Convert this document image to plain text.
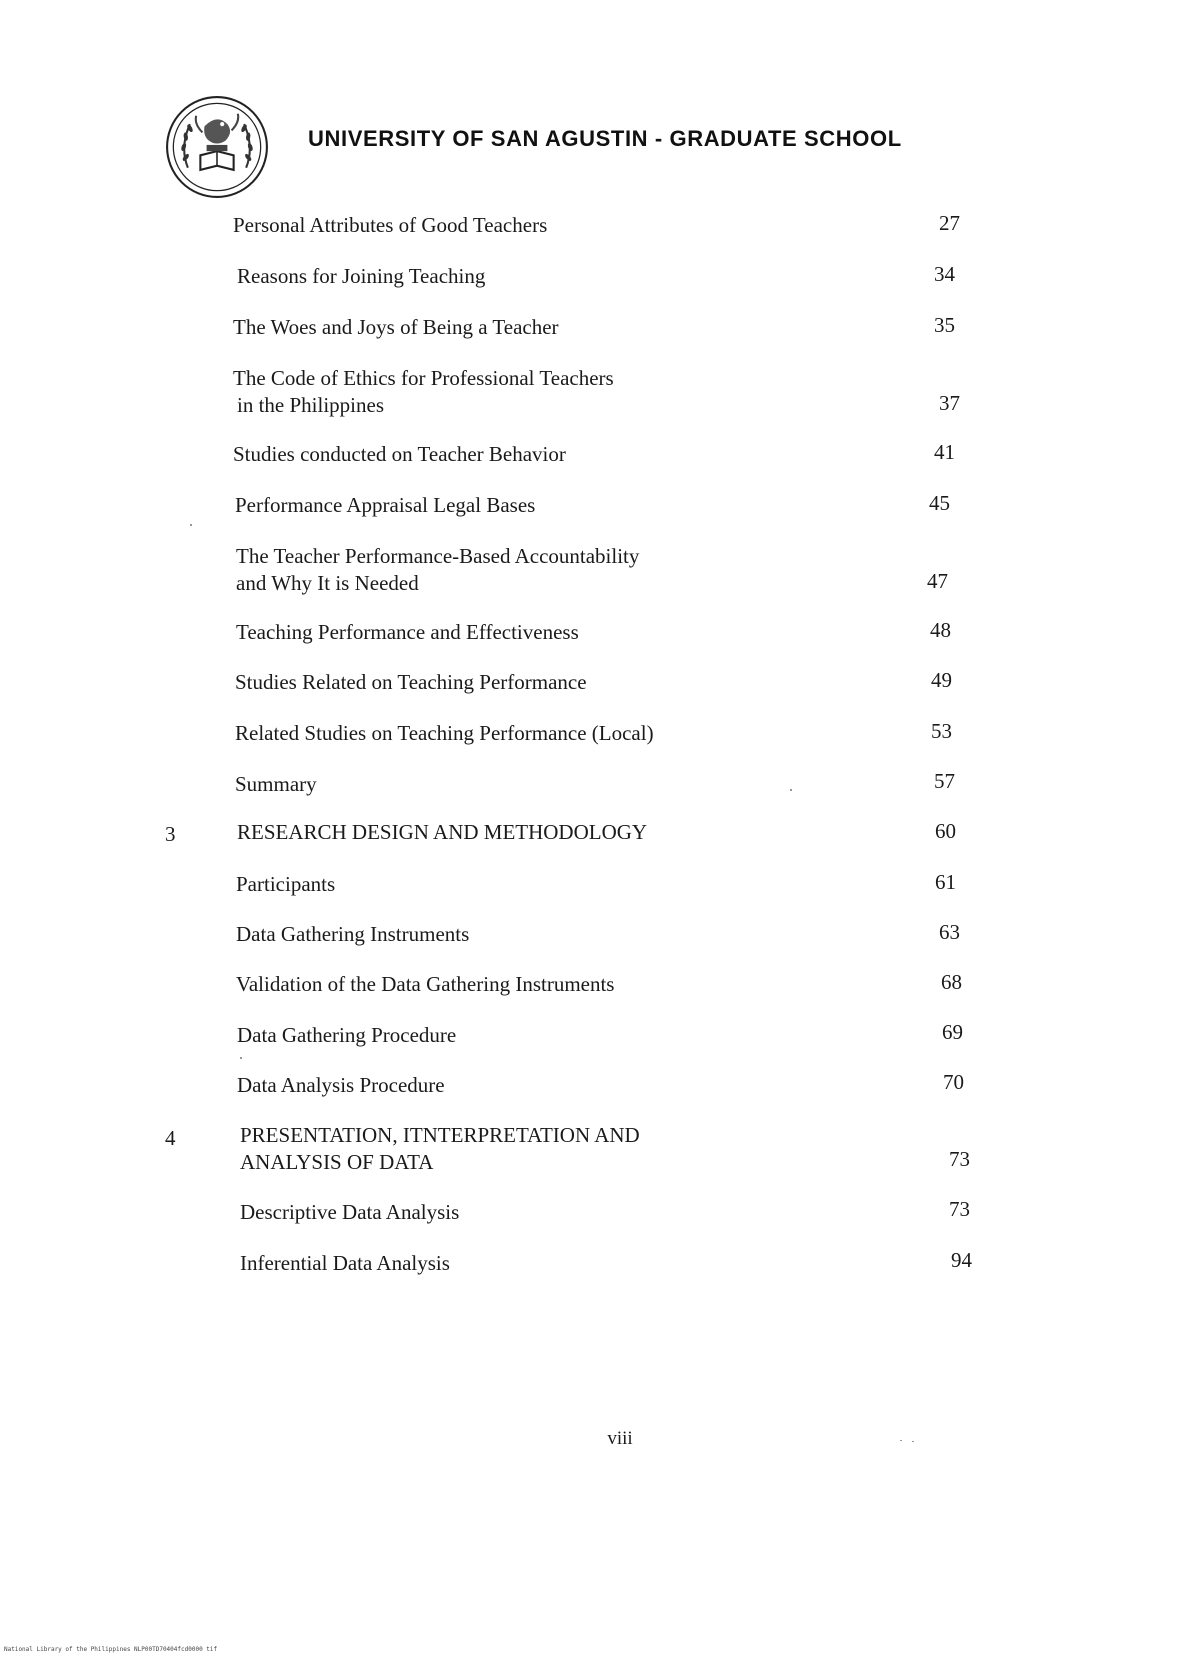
UNIVERSITY OF SAN AGUSTIN - GRADUATE SCHOOL
Personal Attributes of Good Teachers	27
Reasons for Joining Teaching	34
The Woes and Joys of Being a Teacher	35
The Code of Ethics for Professional Teachers
in the Philippines	37
Studies conducted on Teacher Behavior	41
Performance Appraisal Legal Bases	45
The Teacher Performance-Based Accountability
and Why It is Needed	47
Teaching Performance and Effectiveness	48
Studies Related on Teaching Performance	49
Related Studies on Teaching Performance (Local)	53
Summary	57
3	RESEARCH DESIGN AND METHODOLOGY	60
Participants	61
Data Gathering Instruments	63
Validation of the Data Gathering Instruments	68
Data Gathering Procedure	69
Data Analysis Procedure	70
4	PRESENTATION, ITNTERPRETATION AND
ANALYSIS OF DATA	73
Descriptive Data Analysis	73
Inferential Data Analysis	94
viii
National Library of the Philippines NLP00TD70404fcd0000 tif
